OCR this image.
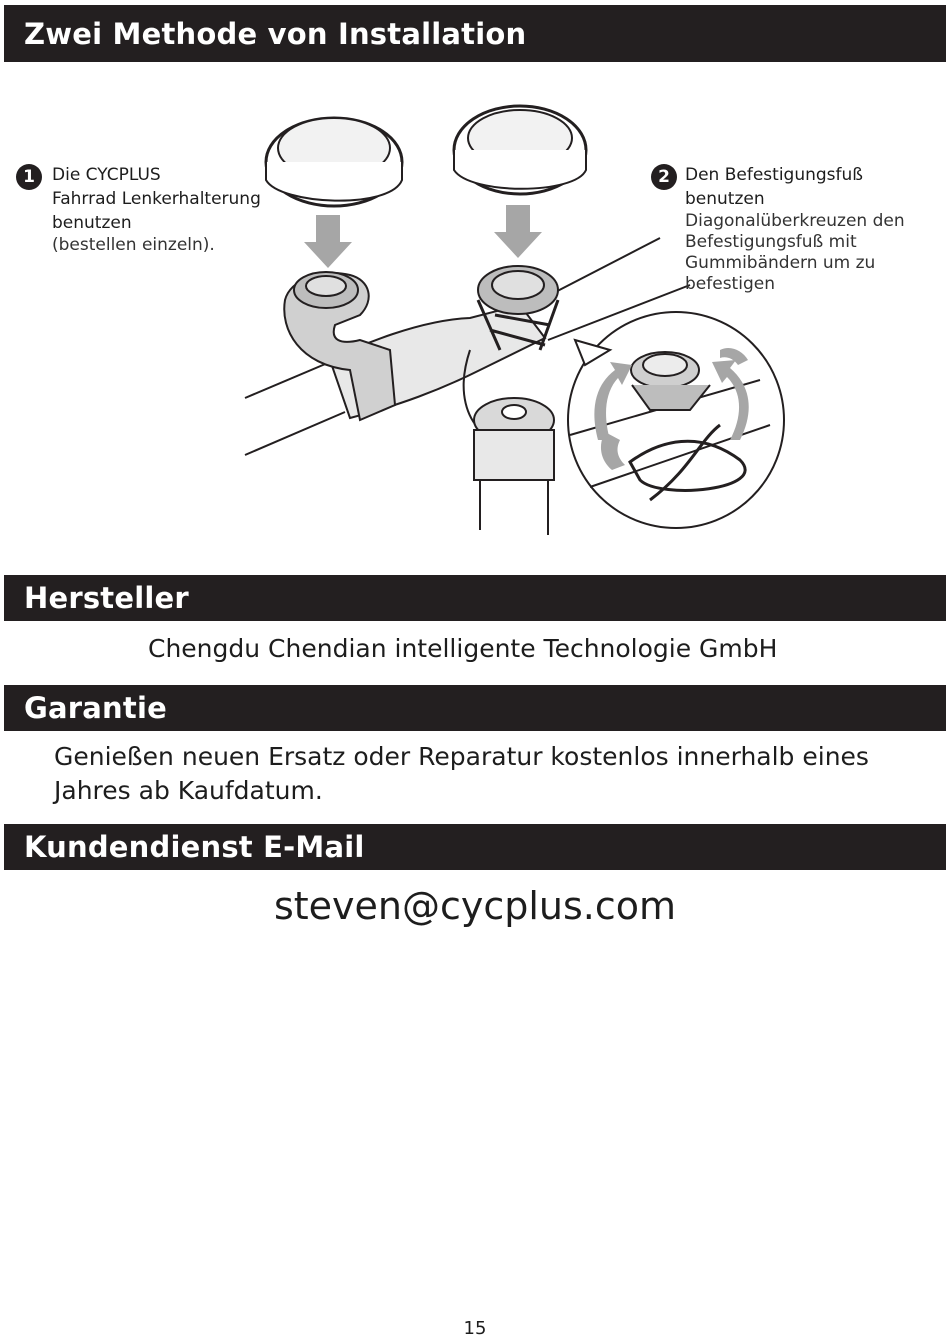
Zwei Methode von Installation
1 Die CYCPLUS
Fahrrad Lenkerhalterung
benutzen
(bestellen einzeln).
2 Den Befestigungsfuß
benutzen
Diagonalüberkreuzen den
Befestigungsfuß mit
Gummibändern um zu
befestigen
Hersteller
Chengdu Chendian intelligente Technologie GmbH
Garantie
Genießen neuen Ersatz oder Reparatur kostenlos innerhalb eines
Jahres ab Kaufdatum.
Kundendienst E-Mail
steven@cycplus.com
15
